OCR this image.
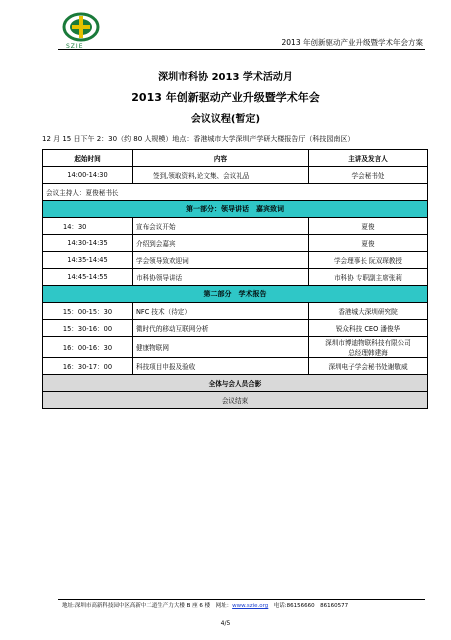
SZIE	2013 年创新驱动产业升级暨学术年会方案
深圳市科协 2013 学术活动月
2013 年创新驱动产业升级暨学术年会
会议议程(暂定)
12 月 15 日下午 2：30（约 80 人规模）地点：香港城市大学深圳产学研大楼报告厅（科技园南区）
起始时间	内容	主讲及发言人
14:00-14:30	签到,领取资料,论文集、会议礼品	学会秘书处
会议主持人：夏俊秘书长		
第一部分：领导讲话　嘉宾致词		
14：30	宣布会议开始	夏俊
14:30-14:35	介绍到会嘉宾	夏俊
14:35-14:45	学会领导致欢迎词	学会理事长 阮双琛教授
14:45-14:55	市科协领导讲话	市科协 专职副主席张莉
第二部分　学术报告		
15：00-15：30	NFC 技术（待定）	香港城大深圳研究院
15：30-16：00	微时代的移动互联网分析	锐众科技 CEO 潘俊华
16：00-16：30	健康物联网	深圳市博迪物联科技有限公司
总经理韩建海

16：30-17：00	科技项目申报及验收	深圳电子学会秘书处谢敬威
全体与会人员合影		
会议结束		
地址:深圳市高新科技园中区高新中二道生产力大楼 B 座 6 楼　网址：www.szie.org　电话:86156660　86160577
4/5
